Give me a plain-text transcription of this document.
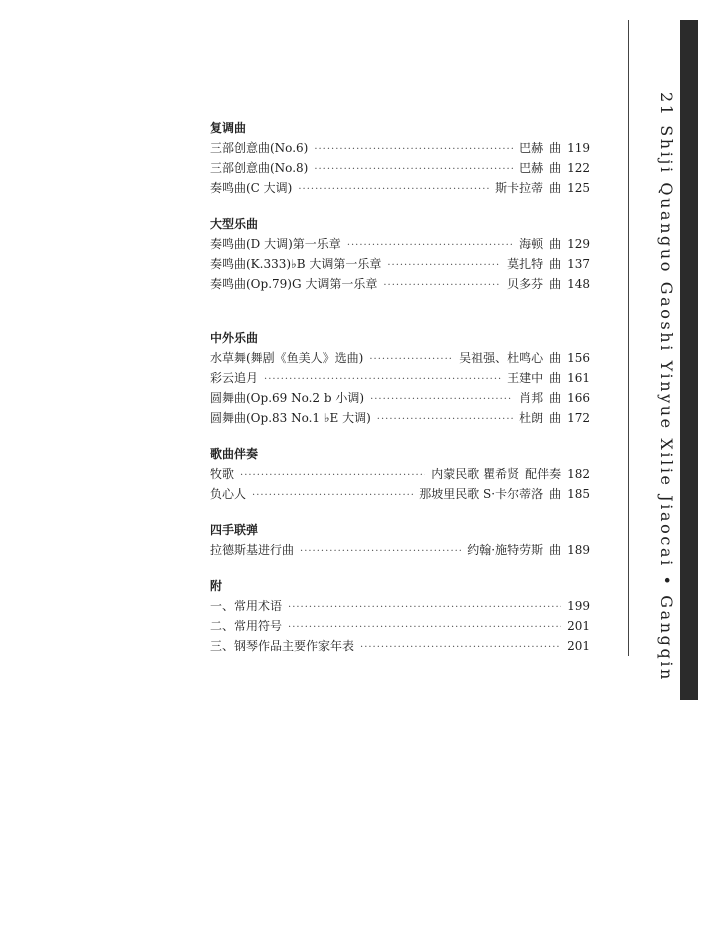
复调曲
三部创意曲(No.6) ·····	巴赫 曲 119
三部创意曲(No.8) ·····	巴赫 曲 122
奏鸣曲(C 大调) ·····	斯卡拉蒂 曲 125
大型乐曲
奏鸣曲(D 大调)第一乐章 ·····	海顿 曲 129
奏鸣曲(K.333)♭B 大调第一乐章 ·····	莫扎特 曲 137
奏鸣曲(Op.79)G 大调第一乐章 ·····	贝多芬 曲 148
中外乐曲
水草舞(舞剧《鱼美人》选曲) ·····	吴祖强、杜鸣心 曲 156
彩云追月 ·····	王建中 曲 161
圆舞曲(Op.69 No.2 b 小调) ·····	肖邦 曲 166
圆舞曲(Op.83 No.1 ♭E 大调) ·····	杜朗 曲 172
歌曲伴奏
牧歌 ·····	内蒙民歌 瞿希贤 配伴奏 182
负心人 ·····	那坡里民歌 S·卡尔蒂洛 曲 185
四手联弹
拉德斯基进行曲 ·····	约翰·施特劳斯 曲 189
附
一、常用术语 ·····	199
二、常用符号 ·····	201
三、钢琴作品主要作家年表 ·····	201	21 Shiji Quanguo Gaoshi Yinyue Xilie Jiaocai • Gangqin
